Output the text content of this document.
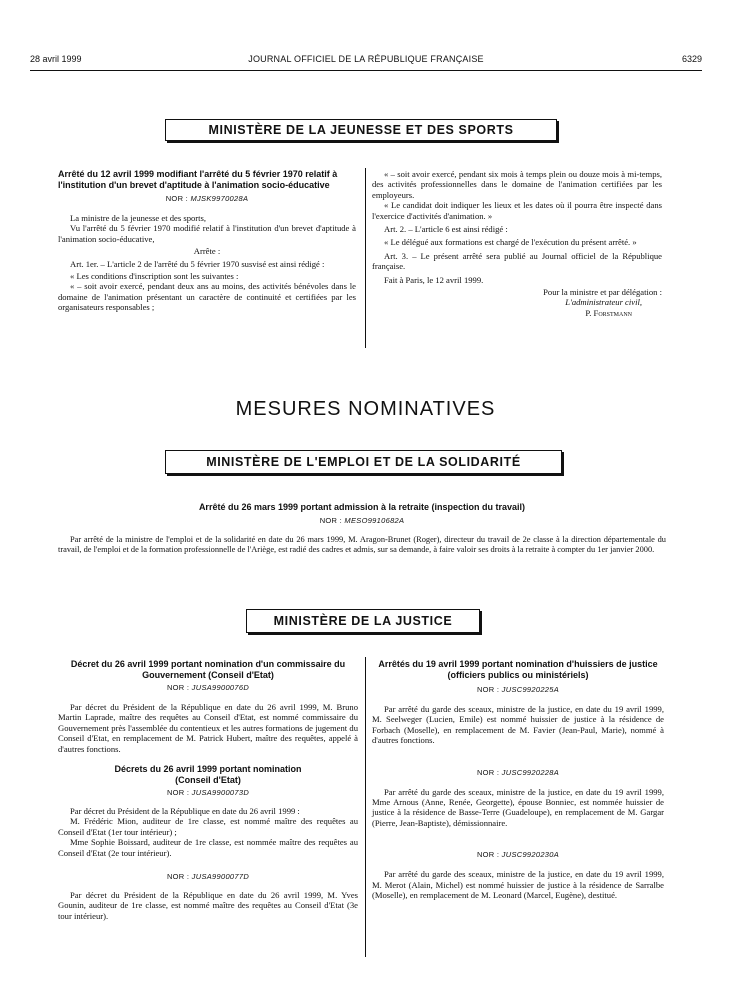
28 avril 1999	JOURNAL OFFICIEL DE LA RÉPUBLIQUE FRANÇAISE	6329
MINISTÈRE DE LA JEUNESSE ET DES SPORTS
Arrêté du 12 avril 1999 modifiant l'arrêté du 5 février 1970 relatif à l'institution d'un brevet d'aptitude à l'animation socio-éducative
NOR : MJSK9970028A
La ministre de la jeunesse et des sports,
Vu l'arrêté du 5 février 1970 modifié relatif à l'institution d'un brevet d'aptitude à l'animation socio-éducative,
Arrête :
Art. 1er. – L'article 2 de l'arrêté du 5 février 1970 susvisé est ainsi rédigé :
« Les conditions d'inscription sont les suivantes :
« – soit avoir exercé, pendant deux ans au moins, des activités bénévoles dans le domaine de l'animation présentant un caractère de continuité et certifiées par les organisateurs responsables ;
« – soit avoir exercé, pendant six mois à temps plein ou douze mois à mi-temps, des activités professionnelles dans le domaine de l'animation certifiées par les employeurs.
« Le candidat doit indiquer les lieux et les dates où il pourra être inspecté dans l'exercice d'activités d'animation. »
Art. 2. – L'article 6 est ainsi rédigé :
« Le délégué aux formations est chargé de l'exécution du présent arrêté. »
Art. 3. – Le présent arrêté sera publié au Journal officiel de la République française.
Fait à Paris, le 12 avril 1999.
Pour la ministre et par délégation :
L'administrateur civil,
P. Forstmann
MESURES NOMINATIVES
MINISTÈRE DE L'EMPLOI ET DE LA SOLIDARITÉ
Arrêté du 26 mars 1999 portant admission à la retraite (inspection du travail)
NOR : MESO9910682A
Par arrêté de la ministre de l'emploi et de la solidarité en date du 26 mars 1999, M. Aragon-Brunet (Roger), directeur du travail de 2e classe à la direction départementale du travail, de l'emploi et de la formation professionnelle de l'Ariège, est radié des cadres et admis, sur sa demande, à faire valoir ses droits à la retraite à compter du 1er janvier 2000.
MINISTÈRE DE LA JUSTICE
Décret du 26 avril 1999 portant nomination d'un commissaire du Gouvernement (Conseil d'Etat)
NOR : JUSA9900076D
Par décret du Président de la République en date du 26 avril 1999, M. Bruno Martin Laprade, maître des requêtes au Conseil d'Etat, est nommé commissaire du Gouvernement près l'assemblée du contentieux et les autres formations de jugement du Conseil d'Etat, en remplacement de M. Patrick Hubert, maître des requêtes, appelé à d'autres fonctions.
Décrets du 26 avril 1999 portant nomination (Conseil d'Etat)
NOR : JUSA9900073D
Par décret du Président de la République en date du 26 avril 1999 :
M. Frédéric Mion, auditeur de 1re classe, est nommé maître des requêtes au Conseil d'Etat (1er tour intérieur) ;
Mme Sophie Boissard, auditeur de 1re classe, est nommée maître des requêtes au Conseil d'Etat (2e tour intérieur).
NOR : JUSA9900077D
Par décret du Président de la République en date du 26 avril 1999, M. Yves Gounin, auditeur de 1re classe, est nommé maître des requêtes au Conseil d'Etat (3e tour intérieur).
Arrêtés du 19 avril 1999 portant nomination d'huissiers de justice (officiers publics ou ministériels)
NOR : JUSC9920225A
Par arrêté du garde des sceaux, ministre de la justice, en date du 19 avril 1999, M. Seelweger (Lucien, Emile) est nommé huissier de justice à la résidence de Forbach (Moselle), en remplacement de M. Favier (Jean-Paul, Marie), nommé à d'autres fonctions.
NOR : JUSC9920228A
Par arrêté du garde des sceaux, ministre de la justice, en date du 19 avril 1999, Mme Arnous (Anne, Renée, Georgette), épouse Bonniec, est nommée huissier de justice à la résidence de Basse-Terre (Guadeloupe), en remplacement de M. Gargar (Pierre, Jean-Baptiste), démissionnaire.
NOR : JUSC9920230A
Par arrêté du garde des sceaux, ministre de la justice, en date du 19 avril 1999, M. Merot (Alain, Michel) est nommé huissier de justice à la résidence de Sarralbe (Moselle), en remplacement de M. Leonard (Marcel, Eugène), destitué.
